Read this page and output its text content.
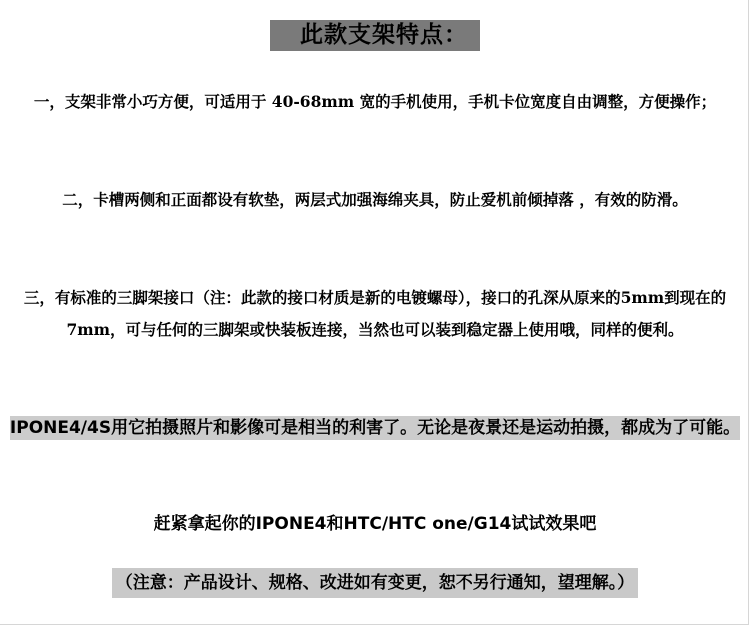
此款支架特点：
一，支架非常小巧方便，可适用于 40-68mm 宽的手机使用，手机卡位宽度自由调整，方便操作；
二，卡槽两侧和正面都设有软垫，两层式加强海绵夹具，防止爱机前倾掉落 ，有效的防滑。
三，有标准的三脚架接口（注：此款的接口材质是新的电镀螺母），接口的孔深从原来的5mm到现在的7mm，可与任何的三脚架或快装板连接，当然也可以装到稳定器上使用哦，同样的便利。
IPONE4/4S用它拍摄照片和影像可是相当的利害了。无论是夜景还是运动拍摄，都成为了可能。
赶紧拿起你的IPONE4和HTC/HTC one/G14试试效果吧
（注意：产品设计、规格、改进如有变更，恕不另行通知，望理解。）
